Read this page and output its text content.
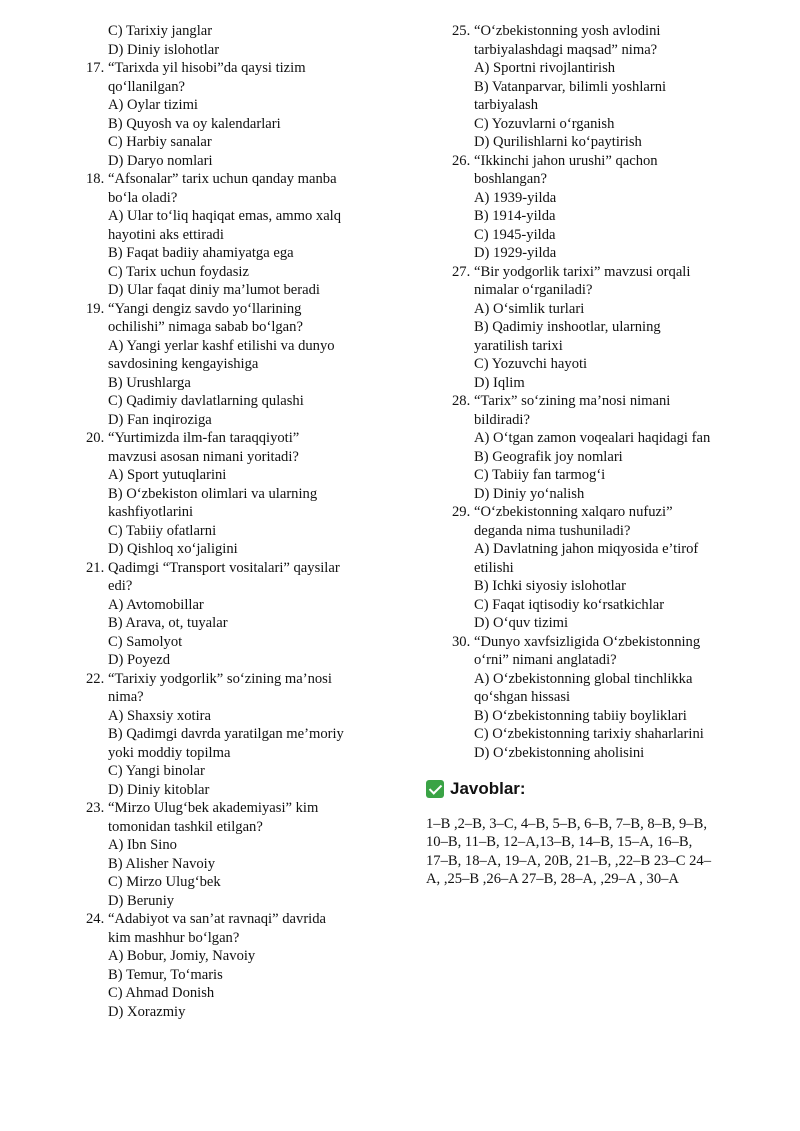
C) Tarixiy janglar
D) Diniy islohotlar
17. “Tarixda yil hisobi”da qaysi tizim
qo‘llanilgan?
A) Oylar tizimi
B) Quyosh va oy kalendarlari
C) Harbiy sanalar
D) Daryo nomlari
18. “Afsonalar” tarix uchun qanday manba
bo‘la oladi?
A) Ular to‘liq haqiqat emas, ammo xalq
hayotini aks ettiradi
B) Faqat badiiy ahamiyatga ega
C) Tarix uchun foydasiz
D) Ular faqat diniy ma’lumot beradi
19. “Yangi dengiz savdo yo‘llarining
ochilishi” nimaga sabab bo‘lgan?
A) Yangi yerlar kashf etilishi va dunyo
savdosining kengayishiga
B) Urushlarga
C) Qadimiy davlatlarning qulashi
D) Fan inqiroziga
20. “Yurtimizda ilm-fan taraqqiyoti”
mavzusi asosan nimani yoritadi?
A) Sport yutuqlarini
B) O‘zbekiston olimlari va ularning
kashfiyotlarini
C) Tabiiy ofatlarni
D) Qishloq xo‘jaligini
21. Qadimgi “Transport vositalari” qaysilar
edi?
A) Avtomobillar
B) Arava, ot, tuyalar
C) Samolyot
D) Poyezd
22. “Tarixiy yodgorlik” so‘zining ma’nosi
nima?
A) Shaxsiy xotira
B) Qadimgi davrda yaratilgan me’moriy
yoki moddiy topilma
C) Yangi binolar
D) Diniy kitoblar
23. “Mirzo Ulug‘bek akademiyasi” kim
tomonidan tashkil etilgan?
A) Ibn Sino
B) Alisher Navoiy
C) Mirzo Ulug‘bek
D) Beruniy
24. “Adabiyot va san’at ravnaqi” davrida
kim mashhur bo‘lgan?
A) Bobur, Jomiy, Navoiy
B) Temur, To‘maris
C) Ahmad Donish
D) Xorazmiy
25. “O‘zbekistonning yosh avlodini
tarbiyalashdagi maqsad” nima?
A) Sportni rivojlantirish
B) Vatanparvar, bilimli yoshlarni
tarbiyalash
C) Yozuvlarni o‘rganish
D) Qurilishlarni ko‘paytirish
26. “Ikkinchi jahon urushi” qachon
boshlangan?
A) 1939-yilda
B) 1914-yilda
C) 1945-yilda
D) 1929-yilda
27. “Bir yodgorlik tarixi” mavzusi orqali
nimalar o‘rganiladi?
A) O‘simlik turlari
B) Qadimiy inshootlar, ularning
yaratilish tarixi
C) Yozuvchi hayoti
D) Iqlim
28. “Tarix” so‘zining ma’nosi nimani
bildiradi?
A) O‘tgan zamon voqealari haqidagi fan
B) Geografik joy nomlari
C) Tabiiy fan tarmog‘i
D) Diniy yo‘nalish
29. “O‘zbekistonning xalqaro nufuzi”
deganda nima tushuniladi?
A) Davlatning jahon miqyosida e’tirof
etilishi
B) Ichki siyosiy islohotlar
C) Faqat iqtisodiy ko‘rsatkichlar
D) O‘quv tizimi
30. “Dunyo xavfsizligida O‘zbekistonning
o‘rni” nimani anglatadi?
A) O‘zbekistonning global tinchlikka
qo‘shgan hissasi
B) O‘zbekistonning tabiiy boyliklari
C) O‘zbekistonning tarixiy shaharlarini
D) O‘zbekistonning aholisini
Javoblar:
1–B ,2–B, 3–C, 4–B, 5–B, 6–B, 7–B, 8–B, 9–B,
10–B, 11–B, 12–A,13–B, 14–B, 15–A, 16–B,
17–B, 18–A, 19–A, 20B, 21–B, ,22–B 23–C 24–
A, ,25–B ,26–A 27–B, 28–A, ,29–A , 30–A
